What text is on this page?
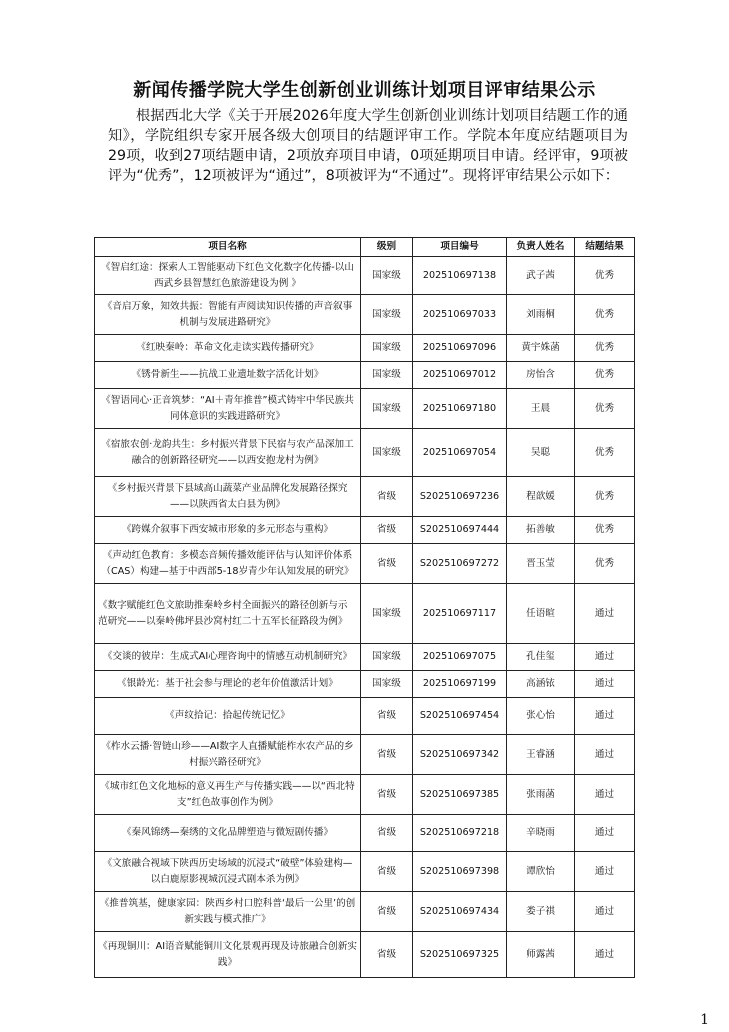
新闻传播学院大学生创新创业训练计划项目评审结果公示
根据西北大学《关于开展2026年度大学生创新创业训练计划项目结题工作的通知》，学院组织专家开展各级大创项目的结题评审工作。学院本年度应结题项目为29项，收到27项结题申请，2项放弃项目申请，0项延期项目申请。经评审，9项被评为“优秀”，12项被评为“通过”，8项被评为“不通过”。现将评审结果公示如下：
项目名称	级别	项目编号	负责人姓名	结题结果
《智启红途：探索人工智能驱动下红色文化数字化传播-以山西武乡县智慧红色旅游建设为例 》	国家级	202510697138	武子茜	优秀
《音启万象，知效共振：智能有声阅读知识传播的声音叙事机制与发展进路研究》	国家级	202510697033	刘雨桐	优秀
《红映秦岭：革命文化走读实践传播研究》	国家级	202510697096	黄宇姝菡	优秀
《锈骨新生——抗战工业遗址数字活化计划》	国家级	202510697012	房怡含	优秀
《智语同心·正音筑梦：“AI＋青年推普”模式铸牢中华民族共同体意识的实践进路研究》	国家级	202510697180	王晨	优秀
《宿旅农创·龙韵共生：乡村振兴背景下民宿与农产品深加工融合的创新路径研究——以西安抱龙村为例》	国家级	202510697054	吴聪	优秀
《乡村振兴背景下县域高山蔬菜产业品牌化发展路径探究——以陕西省太白县为例》	省级	S202510697236	程歆媛	优秀
《跨媒介叙事下西安城市形象的多元形态与重构》	省级	S202510697444	拓善敏	优秀
《声动红色教育：多模态音频传播效能评估与认知评价体系（CAS）构建—基于中西部5-18岁青少年认知发展的研究》	省级	S202510697272	晋玉莹	优秀
《数字赋能红色文旅助推秦岭乡村全面振兴的路径创新与示范研究——以秦岭佛坪县沙窝村红二十五军长征路段为例》	国家级	202510697117	任语暄	通过
《交谈的彼岸：生成式AI心理咨询中的情感互动机制研究》	国家级	202510697075	孔佳玺	通过
《银龄光：基于社会参与理论的老年价值激活计划》	国家级	202510697199	高涵铱	通过
《声纹拾记：拾起传统记忆》	省级	S202510697454	张心怡	通过
《柞水云播·智链山珍——AI数字人直播赋能柞水农产品的乡村振兴路径研究》	省级	S202510697342	王睿涵	通过
《城市红色文化地标的意义再生产与传播实践——以“西北特支”红色故事创作为例》	省级	S202510697385	张雨菡	通过
《秦风锦绣—秦绣的文化品牌塑造与微短剧传播》	省级	S202510697218	辛晓雨	通过
《文旅融合视域下陕西历史场域的沉浸式“破壁”体验建构—以白鹿原影视城沉浸式剧本杀为例》	省级	S202510697398	谭欣怡	通过
《推普筑基，健康家园：陕西乡村口腔科普‘最后一公里’的创新实践与模式推广》	省级	S202510697434	娄子祺	通过
《再现铜川：AI语音赋能铜川文化景观再现及诗旅融合创新实践》	省级	S202510697325	师露茜	通过
1
